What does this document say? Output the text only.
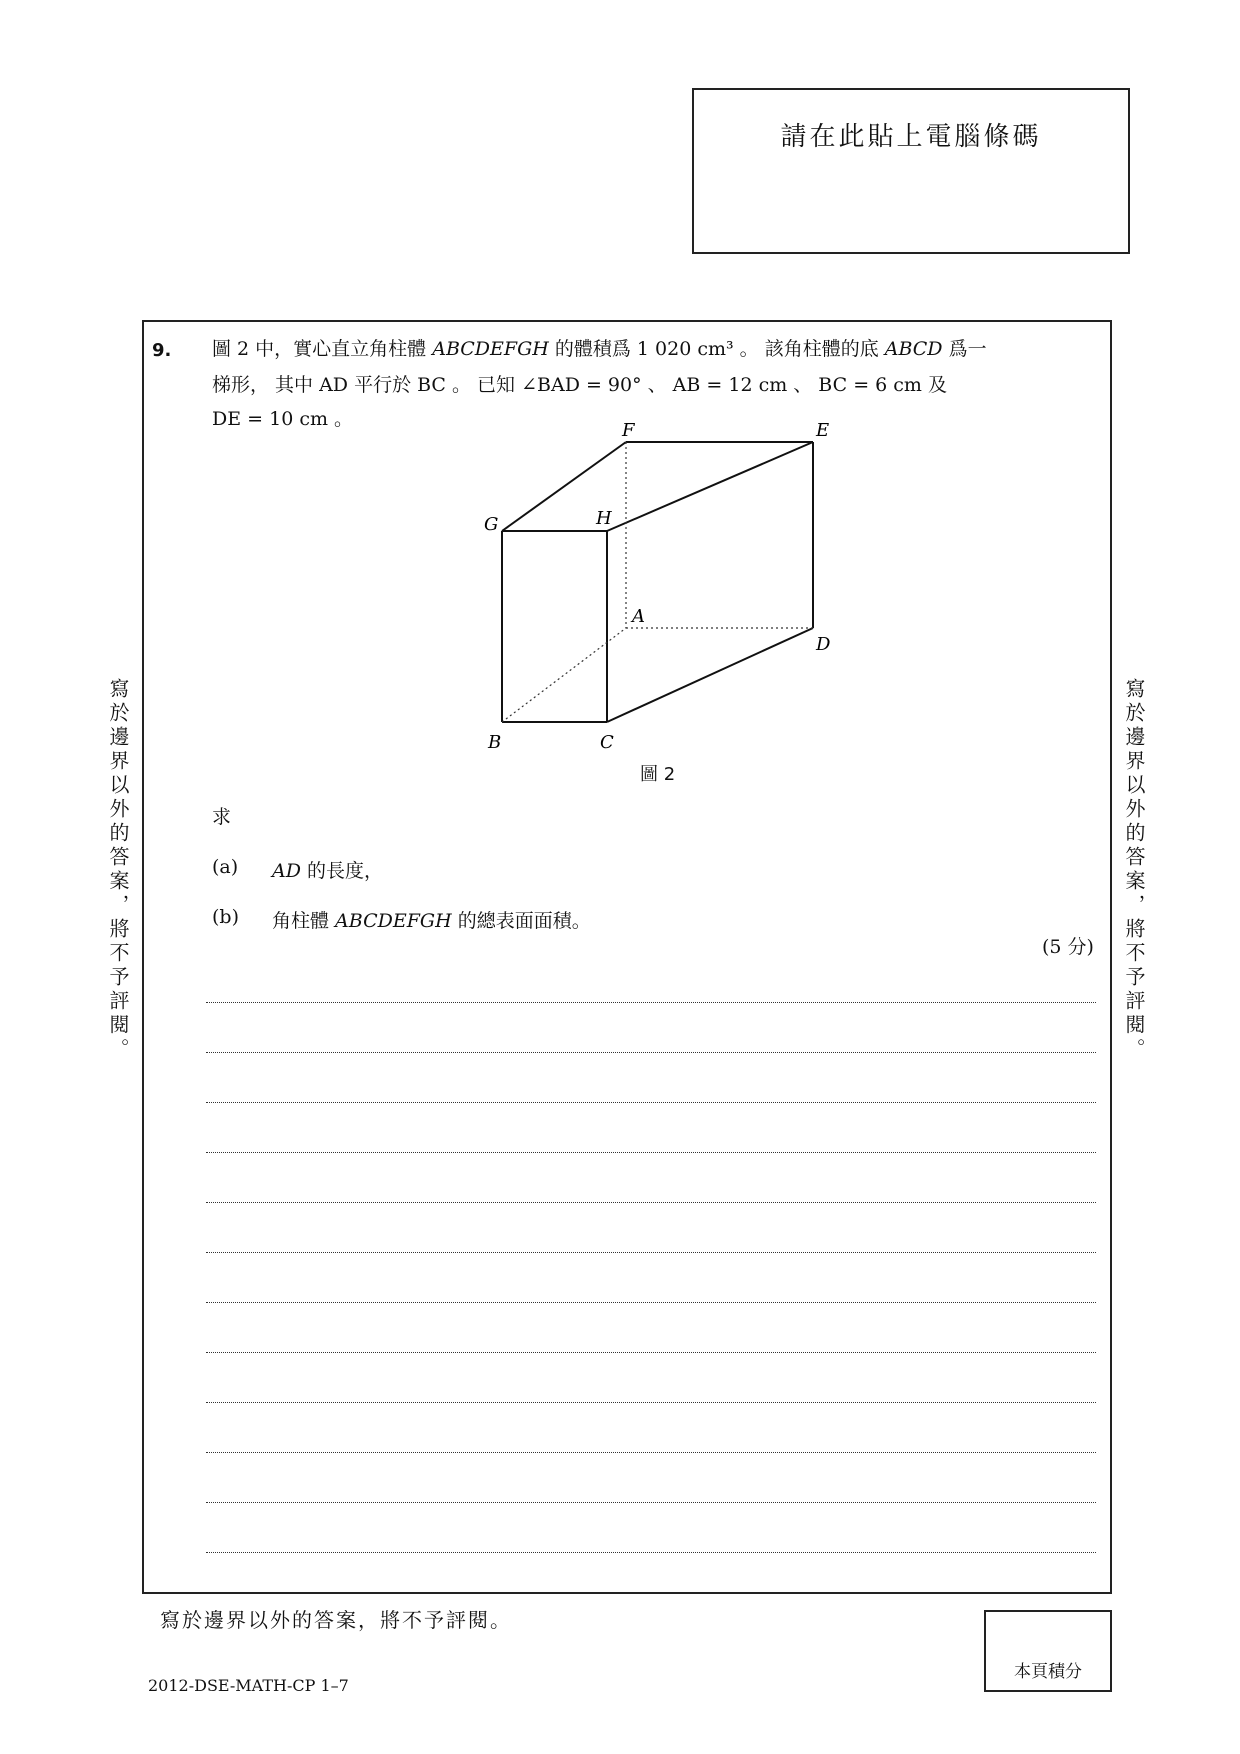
請在此貼上電腦條碼
9. 圖 2 中，實心直立角柱體 ABCDEFGH 的體積爲 1 020 cm³ 。 該角柱體的底 ABCD 爲一
梯形， 其中 AD 平行於 BC 。 已知 ∠BAD = 90° 、 AB = 12 cm 、 BC = 6 cm 及
DE = 10 cm 。
F	E
G	H
A
D
B	C
圖 2
求
(a) AD 的長度，
(b) 角柱體 ABCDEFGH 的總表面面積。
(5 分)
寫於邊界以外的答案，將不予評閱。	寫於邊界以外的答案，將不予評閱。
寫於邊界以外的答案，將不予評閱。
2012-DSE-MATH-CP 1–7
本頁積分
